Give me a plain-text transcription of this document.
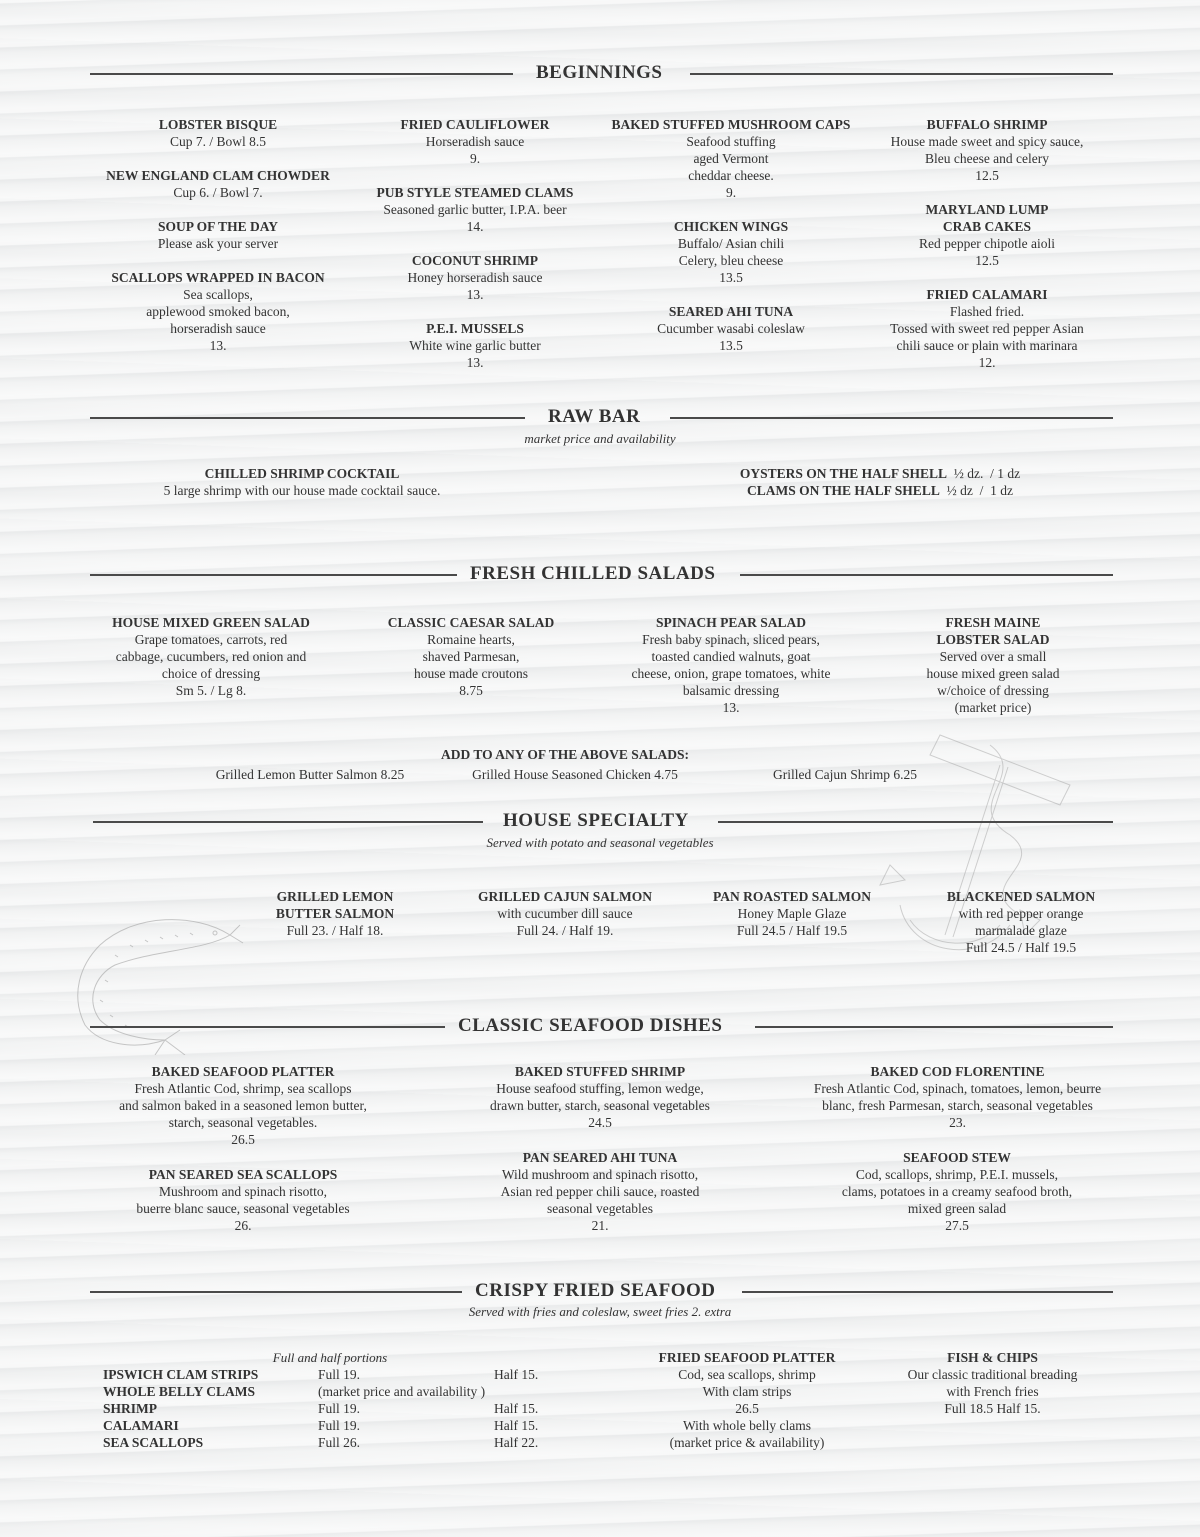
BEGINNINGS
LOBSTER BISQUE
Cup 7. / Bowl 8.5
NEW ENGLAND CLAM CHOWDER
Cup 6. / Bowl 7.
SOUP OF THE DAY
Please ask your server
SCALLOPS WRAPPED IN BACON
Sea scallops,
applewood smoked bacon,
horseradish sauce
13.
FRIED CAULIFLOWER
Horseradish sauce
9.
PUB STYLE STEAMED CLAMS
Seasoned garlic butter, I.P.A. beer
14.
COCONUT SHRIMP
Honey horseradish sauce
13.
P.E.I. MUSSELS
White wine garlic butter
13.
BAKED STUFFED MUSHROOM CAPS
Seafood stuffing
aged Vermont
cheddar cheese.
9.
CHICKEN WINGS
Buffalo/ Asian chili
Celery, bleu cheese
13.5
SEARED AHI TUNA
Cucumber wasabi coleslaw
13.5
BUFFALO SHRIMP
House made sweet and spicy sauce,
Bleu cheese and celery
12.5
MARYLAND LUMP
CRAB CAKES
Red pepper chipotle aioli
12.5
FRIED CALAMARI
Flashed fried.
Tossed with sweet red pepper Asian
chili sauce or plain with marinara
12.
RAW BAR
market price and availability
CHILLED SHRIMP COCKTAIL
5 large shrimp with our house made cocktail sauce.
OYSTERS ON THE HALF SHELL  ½ dz.  / 1 dz
CLAMS ON THE HALF SHELL  ½ dz  /  1 dz
FRESH CHILLED SALADS
HOUSE MIXED GREEN SALAD
Grape tomatoes, carrots, red
cabbage, cucumbers, red onion and
choice of dressing
Sm 5. / Lg 8.
CLASSIC CAESAR SALAD
Romaine hearts,
shaved Parmesan,
house made croutons
8.75
SPINACH PEAR SALAD
Fresh baby spinach, sliced pears,
toasted candied walnuts, goat
cheese, onion, grape tomatoes, white
balsamic dressing
13.
FRESH MAINE
LOBSTER SALAD
Served over a small
house mixed green salad
w/choice of dressing
(market price)
ADD TO ANY OF THE ABOVE SALADS:
Grilled Lemon Butter Salmon 8.25	Grilled House Seasoned Chicken 4.75	Grilled Cajun Shrimp 6.25
HOUSE SPECIALTY
Served with potato and seasonal vegetables
GRILLED LEMON
BUTTER SALMON
Full 23. / Half 18.
GRILLED CAJUN SALMON
with cucumber dill sauce
Full 24. / Half 19.
PAN ROASTED SALMON
Honey Maple Glaze
Full 24.5 / Half 19.5
BLACKENED SALMON
with red pepper orange
marmalade glaze
Full 24.5 / Half 19.5
CLASSIC SEAFOOD DISHES
BAKED SEAFOOD PLATTER
Fresh Atlantic Cod, shrimp, sea scallops
and salmon baked in a seasoned lemon butter,
starch, seasonal vegetables.
26.5
BAKED STUFFED SHRIMP
House seafood stuffing, lemon wedge,
drawn butter, starch, seasonal vegetables
24.5
BAKED COD FLORENTINE
Fresh Atlantic Cod, spinach, tomatoes, lemon, beurre
blanc, fresh Parmesan, starch, seasonal vegetables
23.
PAN SEARED SEA SCALLOPS
Mushroom and spinach risotto,
buerre blanc sauce, seasonal vegetables
26.
PAN SEARED AHI TUNA
Wild mushroom and spinach risotto,
Asian red pepper chili sauce, roasted
seasonal vegetables
21.
SEAFOOD STEW
Cod, scallops, shrimp, P.E.I. mussels,
clams, potatoes in a creamy seafood broth,
mixed green salad
27.5
CRISPY FRIED SEAFOOD
Served with fries and coleslaw, sweet fries 2. extra
Full and half portions
IPSWICH CLAM STRIPS	Full 19.	Half 15.
WHOLE BELLY CLAMS	(market price and availability )
SHRIMP	Full 19.	Half 15.
CALAMARI	Full 19.	Half 15.
SEA SCALLOPS	Full 26.	Half 22.
FRIED SEAFOOD PLATTER
Cod, sea scallops, shrimp
With clam strips
26.5
With whole belly clams
(market price & availability)
FISH & CHIPS
Our classic traditional breading
with French fries
Full 18.5 Half 15.
